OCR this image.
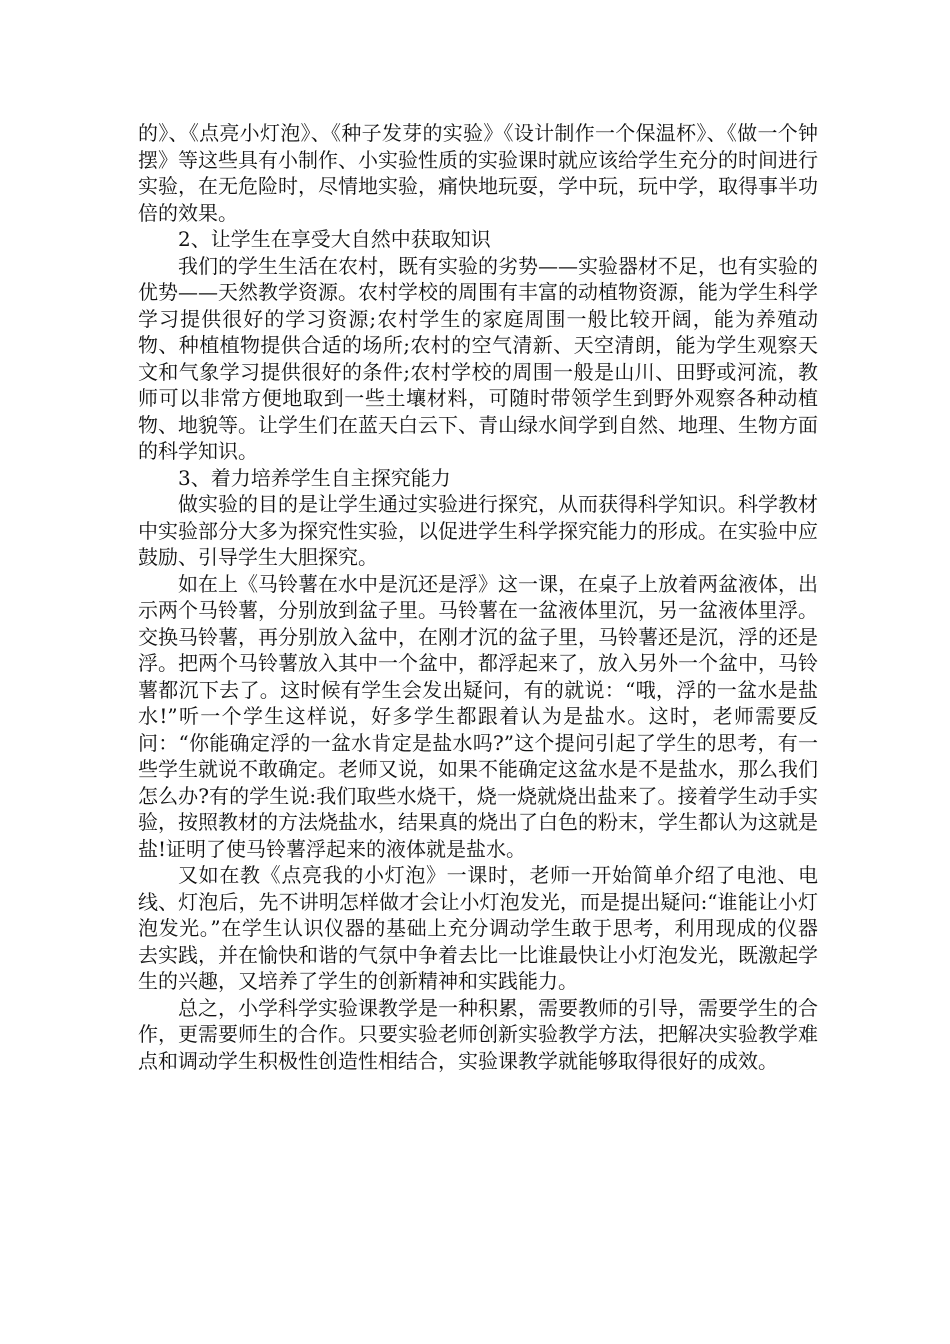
的》、《点亮小灯泡》、《种子发芽的实验》《设计制作一个保温杯》、《做一个钟摆》等这些具有小制作、小实验性质的实验课时就应该给学生充分的时间进行实验，在无危险时，尽情地实验，痛快地玩耍，学中玩，玩中学，取得事半功倍的效果。

2、让学生在享受大自然中获取知识

我们的学生生活在农村，既有实验的劣势——实验器材不足，也有实验的优势——天然教学资源。农村学校的周围有丰富的动植物资源，能为学生科学学习提供很好的学习资源;农村学生的家庭周围一般比较开阔，能为养殖动物、种植植物提供合适的场所;农村的空气清新、天空清朗，能为学生观察天文和气象学习提供很好的条件;农村学校的周围一般是山川、田野或河流，教师可以非常方便地取到一些土壤材料，可随时带领学生到野外观察各种动植物、地貌等。让学生们在蓝天白云下、青山绿水间学到自然、地理、生物方面的科学知识。

3、着力培养学生自主探究能力

做实验的目的是让学生通过实验进行探究，从而获得科学知识。科学教材中实验部分大多为探究性实验，以促进学生科学探究能力的形成。在实验中应鼓励、引导学生大胆探究。

如在上《马铃薯在水中是沉还是浮》这一课，在桌子上放着两盆液体，出示两个马铃薯，分别放到盆子里。马铃薯在一盆液体里沉，另一盆液体里浮。交换马铃薯，再分别放入盆中，在刚才沉的盆子里，马铃薯还是沉，浮的还是浮。把两个马铃薯放入其中一个盆中，都浮起来了，放入另外一个盆中，马铃薯都沉下去了。这时候有学生会发出疑问，有的就说：“哦，浮的一盆水是盐水!”听一个学生这样说，好多学生都跟着认为是盐水。这时，老师需要反问：“你能确定浮的一盆水肯定是盐水吗?”这个提问引起了学生的思考，有一些学生就说不敢确定。老师又说，如果不能确定这盆水是不是盐水，那么我们怎么办?有的学生说:我们取些水烧干，烧一烧就烧出盐来了。接着学生动手实验，按照教材的方法烧盐水，结果真的烧出了白色的粉末，学生都认为这就是盐!证明了使马铃薯浮起来的液体就是盐水。

又如在教《点亮我的小灯泡》一课时，老师一开始简单介绍了电池、电线、灯泡后，先不讲明怎样做才会让小灯泡发光，而是提出疑问:“谁能让小灯泡发光。”在学生认识仪器的基础上充分调动学生敢于思考，利用现成的仪器去实践，并在愉快和谐的气氛中争着去比一比谁最快让小灯泡发光，既激起学生的兴趣，又培养了学生的创新精神和实践能力。

总之，小学科学实验课教学是一种积累，需要教师的引导，需要学生的合作，更需要师生的合作。只要实验老师创新实验教学方法，把解决实验教学难点和调动学生积极性创造性相结合，实验课教学就能够取得很好的成效。
